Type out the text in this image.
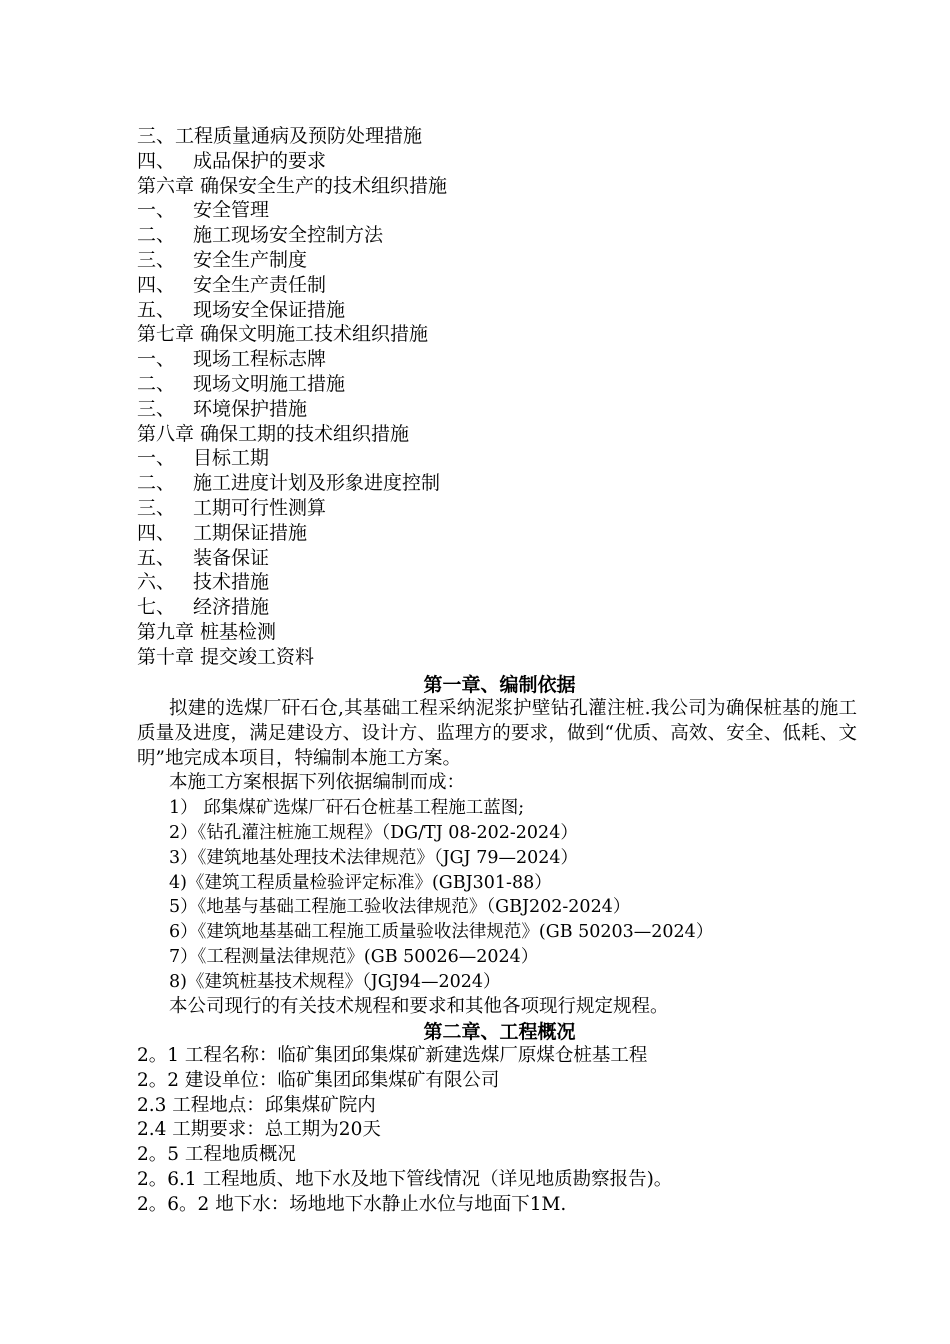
三、工程质量通病及预防处理措施
四、 成品保护的要求
第六章 确保安全生产的技术组织措施
一、 安全管理
二、 施工现场安全控制方法
三、 安全生产制度
四、 安全生产责任制
五、 现场安全保证措施
第七章 确保文明施工技术组织措施
一、 现场工程标志牌
二、 现场文明施工措施
三、 环境保护措施
第八章 确保工期的技术组织措施
一、 目标工期
二、 施工进度计划及形象进度控制
三、 工期可行性测算
四、 工期保证措施
五、 装备保证
六、 技术措施
七、 经济措施
第九章 桩基检测
第十章 提交竣工资料
第一章、编制依据

拟建的选煤厂矸石仓,其基础工程采纳泥浆护壁钻孔灌注桩.我公司为确保桩基的施工质量及进度，满足建设方、设计方、监理方的要求，做到“优质、高效、安全、低耗、文明”地完成本项目，特编制本施工方案。

本施工方案根据下列依据编制而成：
1） 邱集煤矿选煤厂矸石仓桩基工程施工蓝图;
2）《钻孔灌注桩施工规程》（DG/TJ 08-202-2024）
3）《建筑地基处理技术法律规范》（JGJ 79—2024）
4)《建筑工程质量检验评定标准》(GBJ301-88）
5）《地基与基础工程施工验收法律规范》（GBJ202-2024）
6）《建筑地基基础工程施工质量验收法律规范》(GB 50203—2024）
7）《工程测量法律规范》(GB 50026—2024）
8)《建筑桩基技术规程》（JGJ94—2024）
本公司现行的有关技术规程和要求和其他各项现行规定规程。
第二章、工程概况
2。1 工程名称：临矿集团邱集煤矿新建选煤厂原煤仓桩基工程
2。2 建设单位：临矿集团邱集煤矿有限公司
2.3 工程地点：邱集煤矿院内
2.4 工期要求：总工期为20天
2。5 工程地质概况
2。6.1 工程地质、地下水及地下管线情况（详见地质勘察报告)。
2。6。2 地下水：场地地下水静止水位与地面下1M.
